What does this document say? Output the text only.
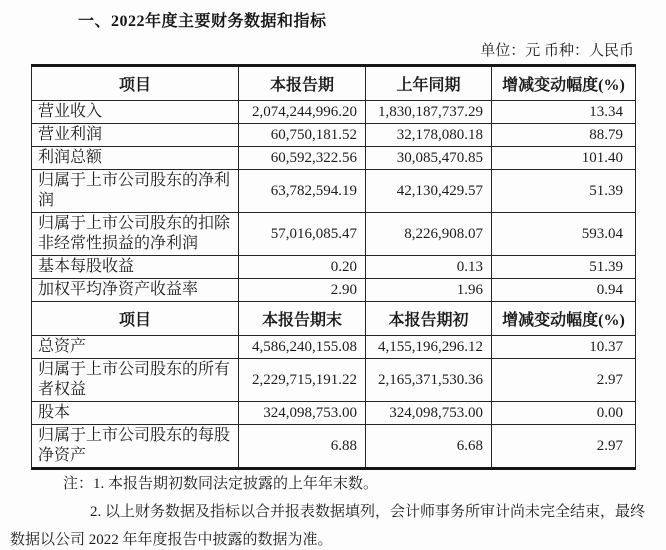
一、2022年度主要财务数据和指标
单位：元 币种：人民币
项目	本报告期	上年同期	增减变动幅度(%)
营业收入	2,074,244,996.20	1,830,187,737.29	13.34
营业利润	60,750,181.52	32,178,080.18	88.79
利润总额	60,592,322.56	30,085,470.85	101.40
归属于上市公司股东的净利润	63,782,594.19	42,130,429.57	51.39
归属于上市公司股东的扣除非经常性损益的净利润	57,016,085.47	8,226,908.07	593.04
基本每股收益	0.20	0.13	51.39
加权平均净资产收益率	2.90	1.96	0.94
项目	本报告期末	本报告期初	增减变动幅度(%)
总资产	4,586,240,155.08	4,155,196,296.12	10.37
归属于上市公司股东的所有者权益	2,229,715,191.22	2,165,371,530.36	2.97
股本	324,098,753.00	324,098,753.00	0.00
归属于上市公司股东的每股净资产	6.88	6.68	2.97

注：1. 本报告期初数同法定披露的上年年末数。

2. 以上财务数据及指标以合并报表数据填列，会计师事务所审计尚未完全结束，最终

数据以公司 2022 年年度报告中披露的数据为准。
